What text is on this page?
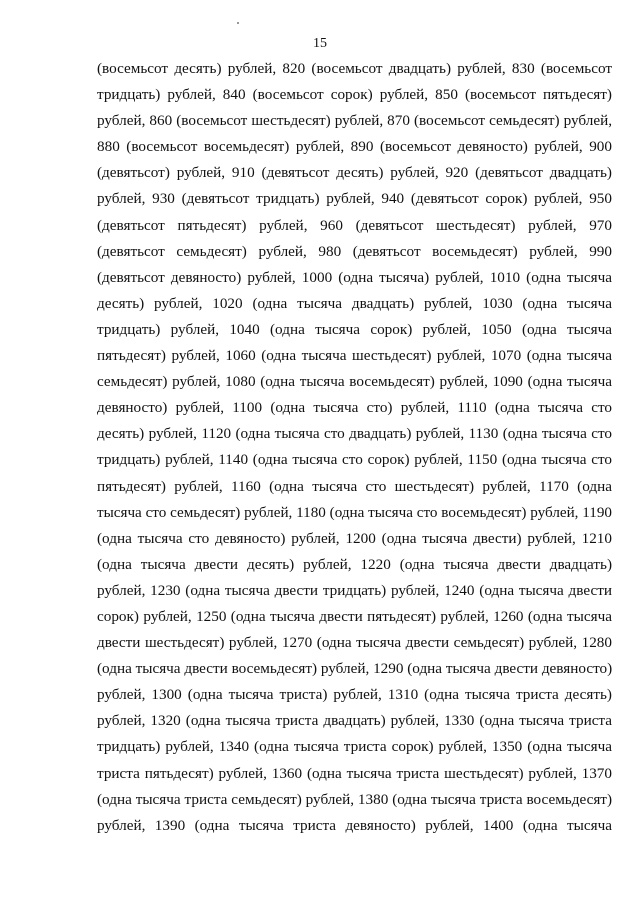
15
(восемьсот десять) рублей, 820 (восемьсот двадцать) рублей, 830 (восемьсот
тридцать) рублей, 840 (восемьсот сорок) рублей, 850 (восемьсот пятьдесят)
рублей, 860 (восемьсот шестьдесят) рублей, 870 (восемьсот семьдесят) рублей,
880 (восемьсот восемьдесят) рублей, 890 (восемьсот девяносто) рублей, 900
(девятьсот) рублей, 910 (девятьсот десять) рублей, 920 (девятьсот двадцать)
рублей, 930 (девятьсот тридцать) рублей, 940 (девятьсот сорок) рублей, 950
(девятьсот пятьдесят) рублей, 960 (девятьсот шестьдесят) рублей, 970
(девятьсот семьдесят) рублей, 980 (девятьсот восемьдесят) рублей, 990
(девятьсот девяносто) рублей, 1000 (одна тысяча) рублей, 1010 (одна тысяча
десять) рублей, 1020 (одна тысяча двадцать) рублей, 1030 (одна тысяча
тридцать) рублей, 1040 (одна тысяча сорок) рублей, 1050 (одна тысяча
пятьдесят) рублей, 1060 (одна тысяча шестьдесят) рублей, 1070 (одна тысяча
семьдесят) рублей, 1080 (одна тысяча восемьдесят) рублей, 1090 (одна тысяча
девяносто) рублей, 1100 (одна тысяча сто) рублей, 1110 (одна тысяча сто
десять) рублей, 1120 (одна тысяча сто двадцать) рублей, 1130 (одна тысяча сто
тридцать) рублей, 1140 (одна тысяча сто сорок) рублей, 1150 (одна тысяча сто
пятьдесят) рублей, 1160 (одна тысяча сто шестьдесят) рублей, 1170 (одна
тысяча сто семьдесят) рублей, 1180 (одна тысяча сто восемьдесят) рублей, 1190
(одна тысяча сто девяносто) рублей, 1200 (одна тысяча двести) рублей, 1210
(одна тысяча двести десять) рублей, 1220 (одна тысяча двести двадцать)
рублей, 1230 (одна тысяча двести тридцать) рублей, 1240 (одна тысяча двести
сорок) рублей, 1250 (одна тысяча двести пятьдесят) рублей, 1260 (одна тысяча
двести шестьдесят) рублей, 1270 (одна тысяча двести семьдесят) рублей, 1280
(одна тысяча двести восемьдесят) рублей, 1290 (одна тысяча двести девяносто)
рублей, 1300 (одна тысяча триста) рублей, 1310 (одна тысяча триста десять)
рублей, 1320 (одна тысяча триста двадцать) рублей, 1330 (одна тысяча триста
тридцать) рублей, 1340 (одна тысяча триста сорок) рублей, 1350 (одна тысяча
триста пятьдесят) рублей, 1360 (одна тысяча триста шестьдесят) рублей, 1370
(одна тысяча триста семьдесят) рублей, 1380 (одна тысяча триста восемьдесят)
рублей, 1390 (одна тысяча триста девяносто) рублей, 1400 (одна тысяча
